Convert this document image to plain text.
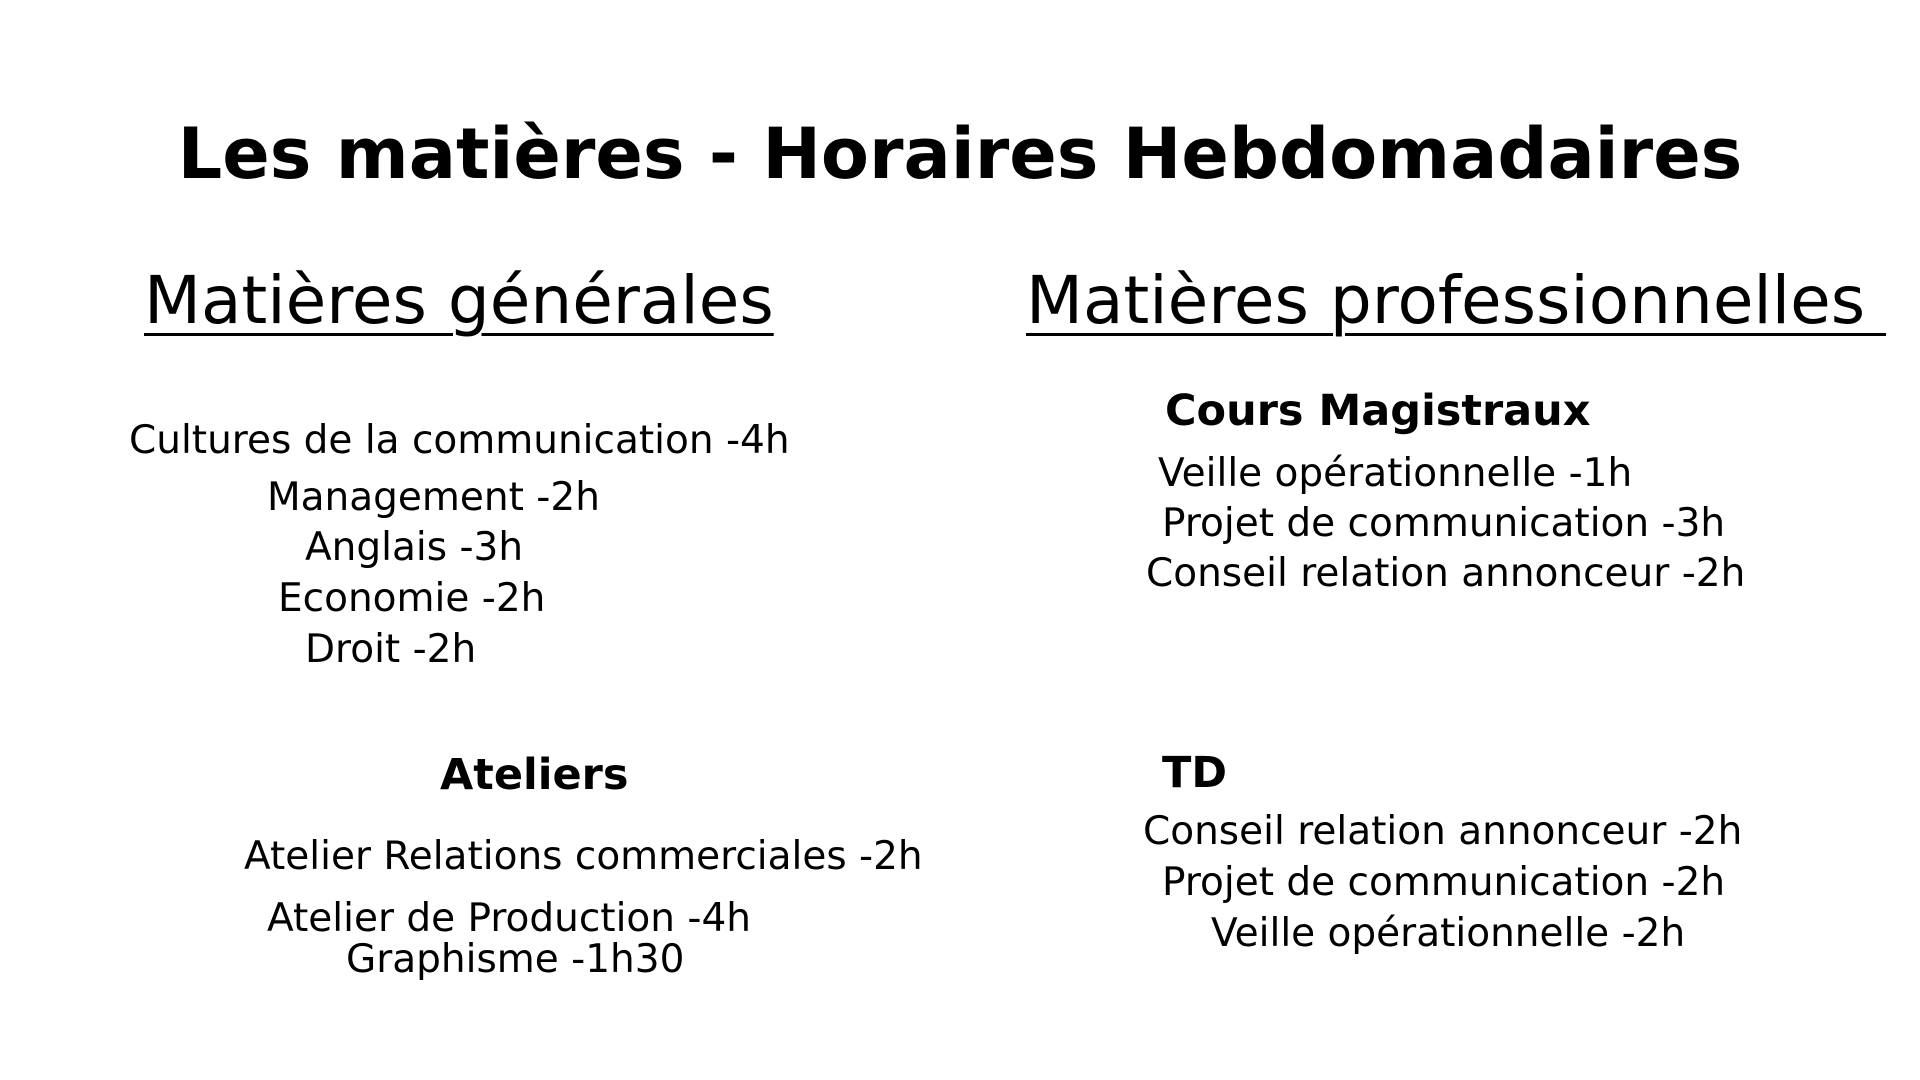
Les matières - Horaires Hebdomadaires
Matières générales
Cultures de la communication -4h
Management -2h
Anglais -3h
Economie -2h
Droit -2h
Ateliers
Atelier Relations commerciales -2h
Atelier de Production -4h
Graphisme -1h30
Matières professionnelles
Cours Magistraux
Veille opérationnelle -1h
Projet de communication -3h
Conseil relation annonceur -2h
TD
Conseil relation annonceur -2h
Projet de communication -2h
Veille opérationnelle -2h
